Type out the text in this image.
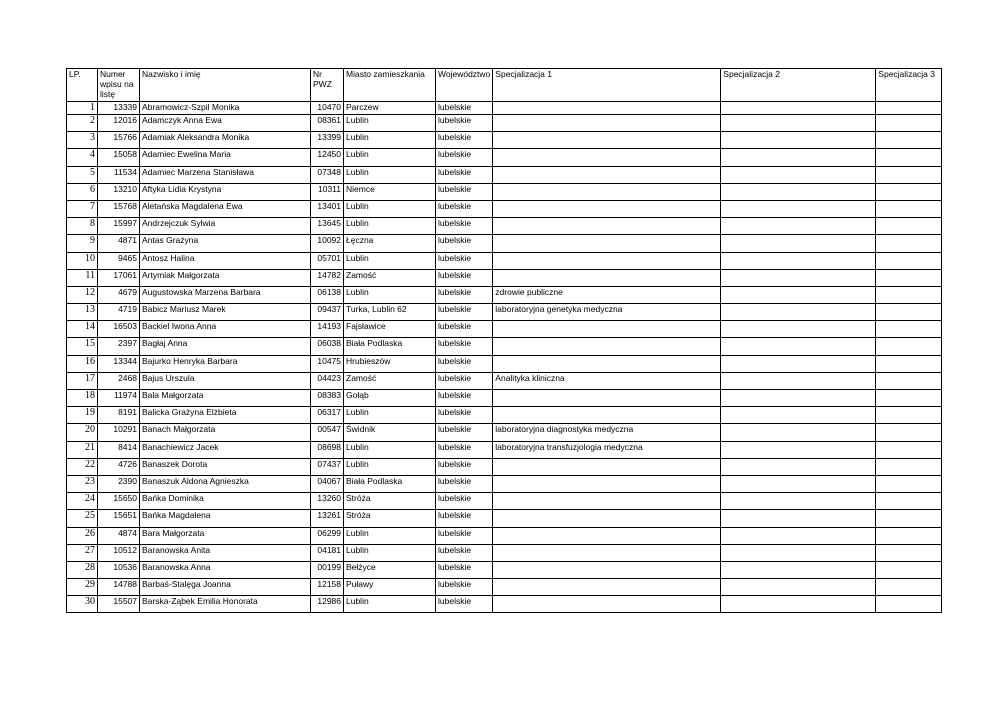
LP.	Numer wpisu na listę	Nazwisko i imię	Nr PWZ	Miasto zamieszkania	Województwo	Specjalizacja 1	Specjalizacja 2	Specjalizacja 3
1	13339	Abramowicz-Szpil Monika	10470	Parczew	lubelskie			
2	12016	Adamczyk Anna Ewa	08361	Lublin	lubelskie			
3	15766	Adamiak Aleksandra Monika	13399	Lublin	lubelskie			
4	15058	Adamiec Ewelina Maria	12450	Lublin	lubelskie			
5	11534	Adamiec Marzena Stanisława	07348	Lublin	lubelskie			
6	13210	Aftyka Lidia Krystyna	10311	Niemce	lubelskie			
7	15768	Aletańska Magdalena Ewa	13401	Lublin	lubelskie			
8	15997	Andrzejczuk Sylwia	13645	Lublin	lubelskie			
9	4871	Antas Grażyna	10092	Łęczna	lubelskie			
10	9465	Antosz Halina	05701	Lublin	lubelskie			
11	17061	Artymiak Małgorzata	14782	Zamość	lubelskie			
12	4679	Augustowska Marzena Barbara	06138	Lublin	lubelskie	zdrowie publiczne		
13	4719	Babicz Mariusz Marek	09437	Turka, Lublin 62	lubelskie	laboratoryjna genetyka medyczna		
14	16503	Backiel Iwona Anna	14193	Fajsławice	lubelskie			
15	2397	Bagłaj Anna	06038	Biała Podlaska	lubelskie			
16	13344	Bajurko Henryka Barbara	10475	Hrubieszów	lubelskie			
17	2468	Bajus Urszula	04423	Zamość	lubelskie	Analityka kliniczna		
18	11974	Bala Małgorzata	08383	Gołąb	lubelskie			
19	8191	Balicka Grażyna Elżbieta	06317	Lublin	lubelskie			
20	10291	Banach Małgorzata	00547	Świdnik	lubelskie	laboratoryjna diagnostyka medyczna		
21	8414	Banachiewicz Jacek	08698	Lublin	lubelskie	laboratoryjna transfuzjologia medyczna		
22	4726	Banaszek Dorota	07437	Lublin	lubelskie			
23	2390	Banaszuk Aldona Agnieszka	04067	Biała Podlaska	lubelskie			
24	15650	Bańka Dominika	13260	Stróża	lubelskie			
25	15651	Bańka Magdalena	13261	Stróża	lubelskie			
26	4874	Bara Małgorzata	06299	Lublin	lubelskie			
27	10512	Baranowska Anita	04181	Lublin	lubelskie			
28	10536	Baranowska Anna	00199	Bełżyce	lubelskie			
29	14788	Barbaś-Stalęga Joanna	12158	Puławy	lubelskie			
30	15507	Barska-Ząbek Emilia Honorata	12986	Lublin	lubelskie			
